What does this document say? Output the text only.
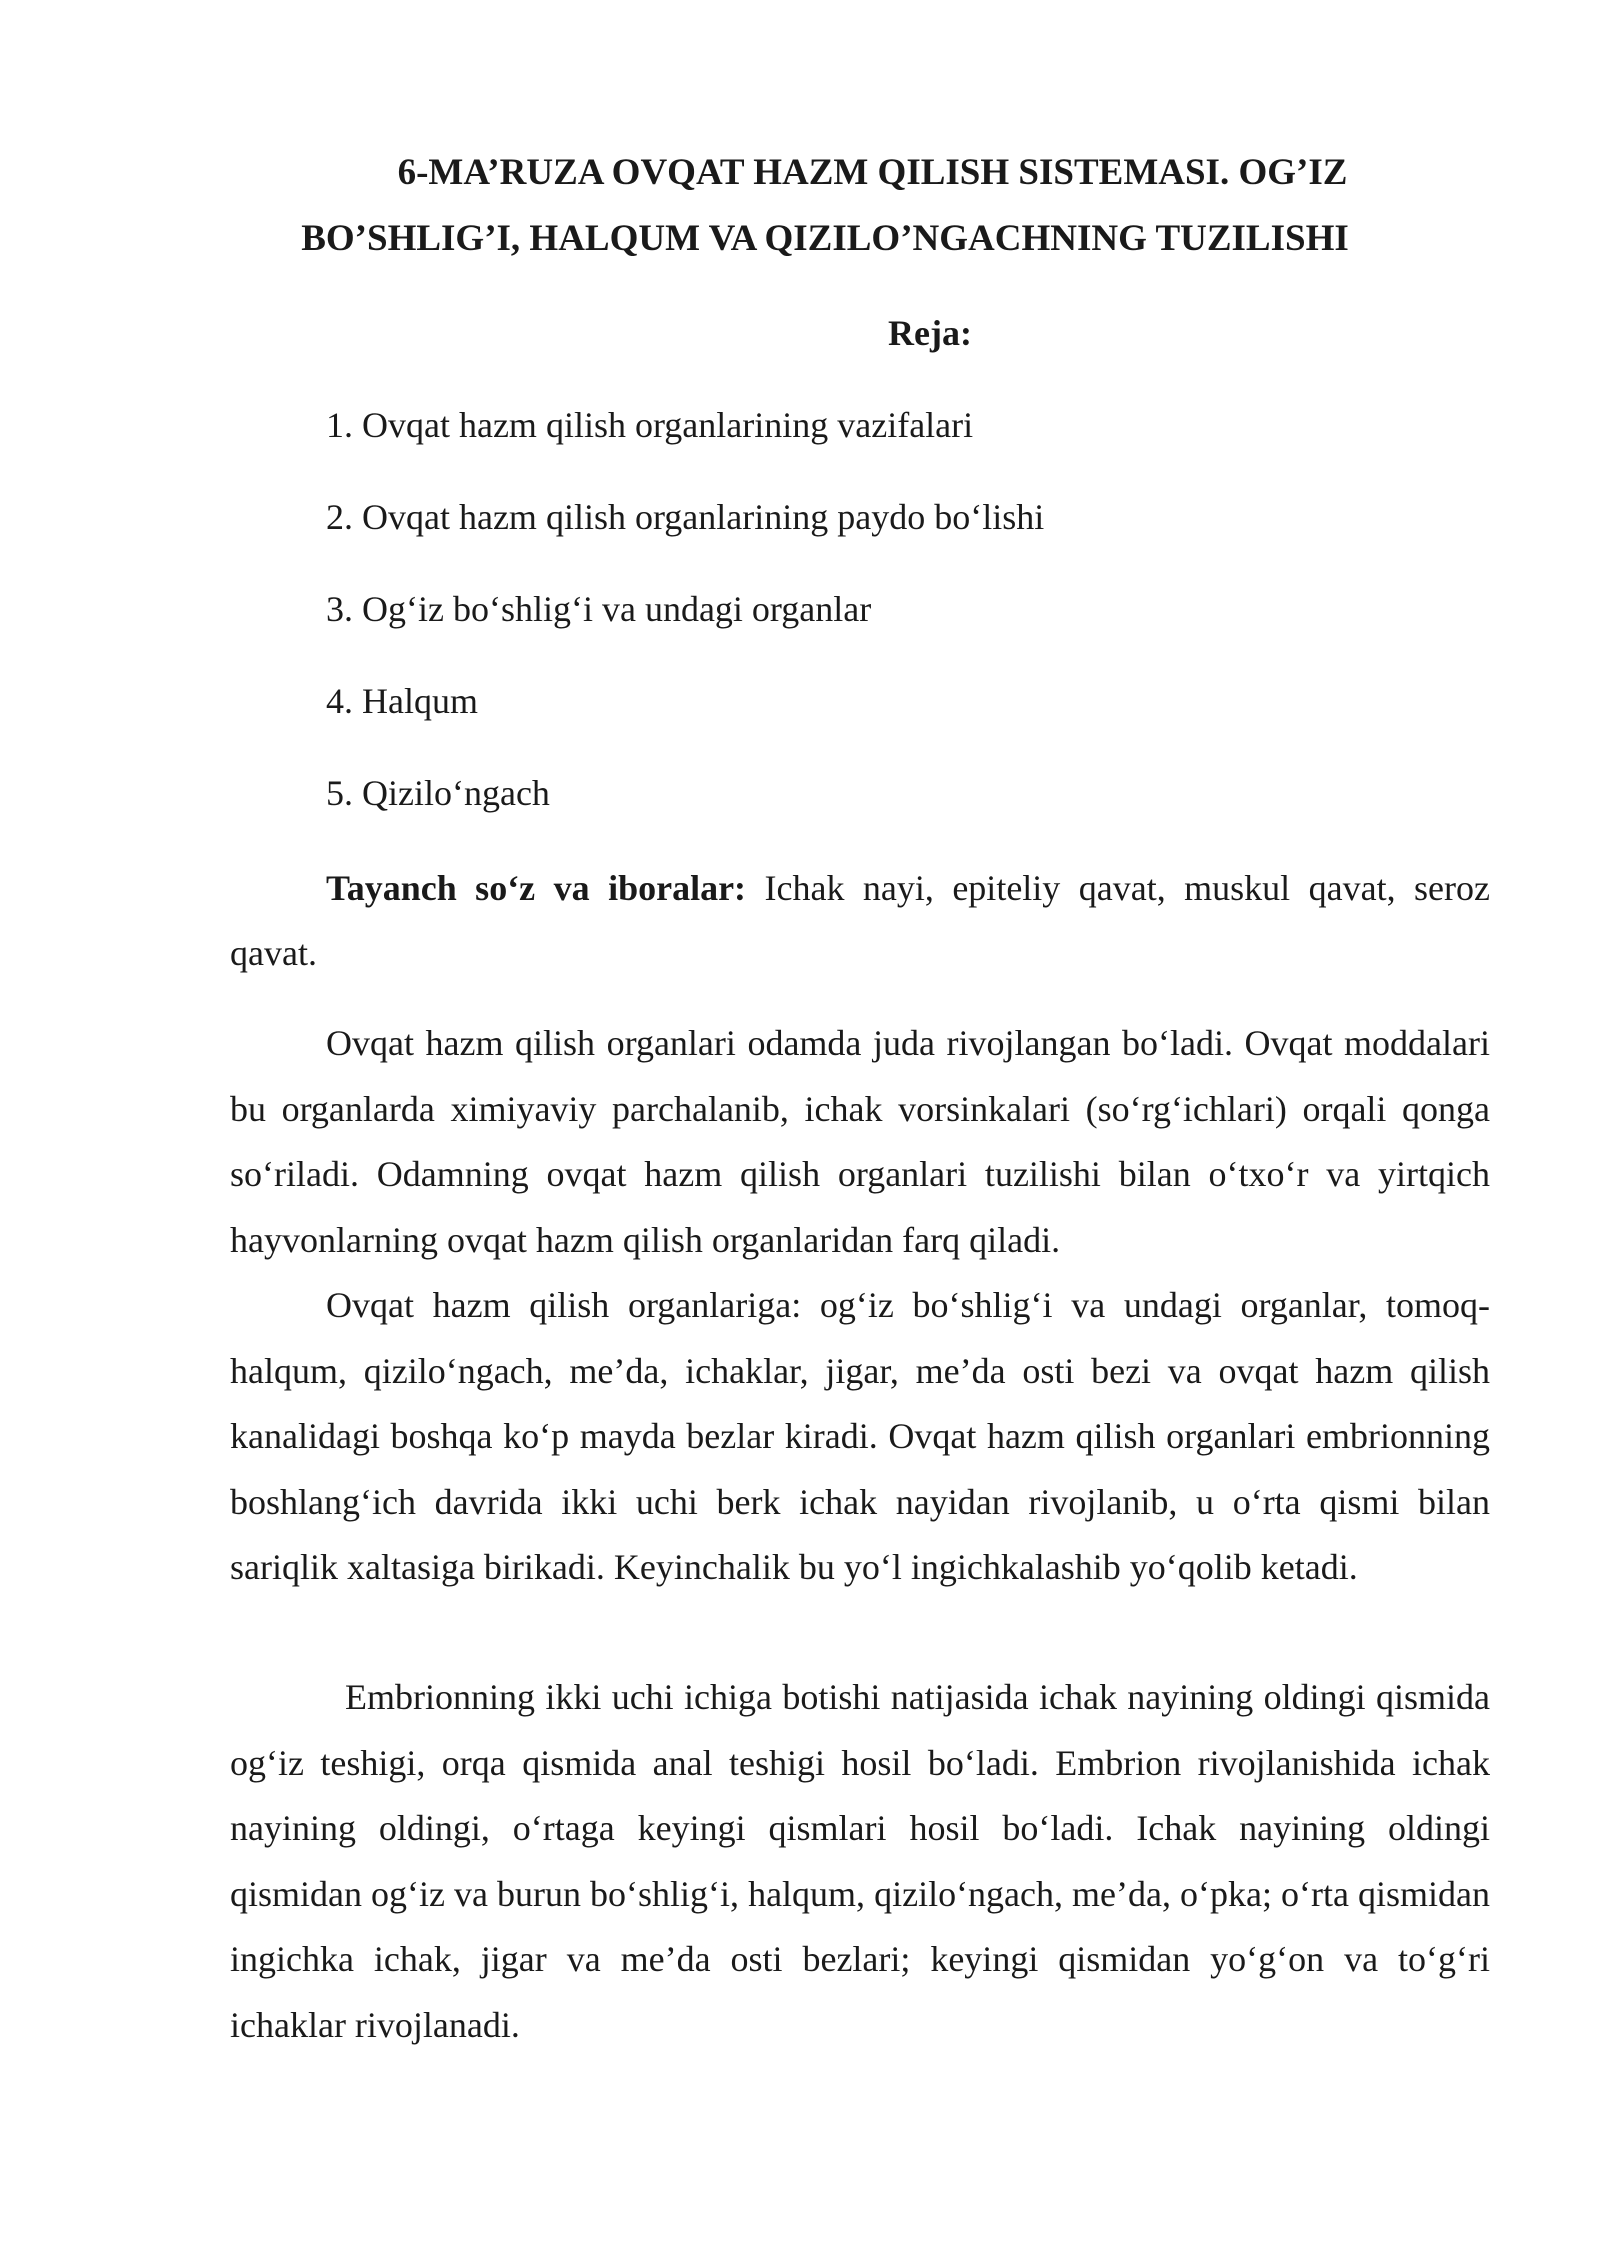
6-MA’RUZA OVQAT HAZM QILISH SISTEMASI. OG’IZ
BO’SHLIG’I, HALQUM VA QIZILO’NGACHNING TUZILISHI
Reja:
1. Ovqat hazm qilish organlarining vazifalari
2. Ovqat hazm qilish organlarining paydo bo‘lishi
3. Og‘iz bo‘shlig‘i va undagi organlar
4. Halqum
5. Qizilo‘ngach

Tayanch so‘z va iboralar: Ichak nayi, epiteliy qavat, muskul qavat, seroz qavat.

Ovqat hazm qilish organlari odamda juda rivojlangan bo‘ladi. Ovqat moddalari bu organlarda ximiyaviy parchalanib, ichak vorsinkalari (so‘rg‘ichlari) orqali qonga so‘riladi. Odamning ovqat hazm qilish organlari tuzilishi bilan o‘txo‘r va yirtqich hayvonlarning ovqat hazm qilish organlaridan farq qiladi.

Ovqat hazm qilish organlariga: og‘iz bo‘shlig‘i va undagi organlar, tomoq-halqum, qizilo‘ngach, me’da, ichaklar, jigar, me’da osti bezi va ovqat hazm qilish kanalidagi boshqa ko‘p mayda bezlar kiradi. Ovqat hazm qilish organlari embrionning boshlang‘ich davrida ikki uchi berk ichak nayidan rivojlanib, u o‘rta qismi bilan sariqlik xaltasiga birikadi. Keyinchalik bu yo‘l ingichkalashib yo‘qolib ketadi.

Embrionning ikki uchi ichiga botishi natijasida ichak nayining oldingi qismida og‘iz teshigi, orqa qismida anal teshigi hosil bo‘ladi. Embrion rivojlanishida ichak nayining oldingi, o‘rtaga keyingi qismlari hosil bo‘ladi. Ichak nayining oldingi qismidan og‘iz va burun bo‘shlig‘i, halqum, qizilo‘ngach, me’da, o‘pka; o‘rta qismidan ingichka ichak, jigar va me’da osti bezlari; keyingi qismidan yo‘g‘on va to‘g‘ri ichaklar rivojlanadi.
